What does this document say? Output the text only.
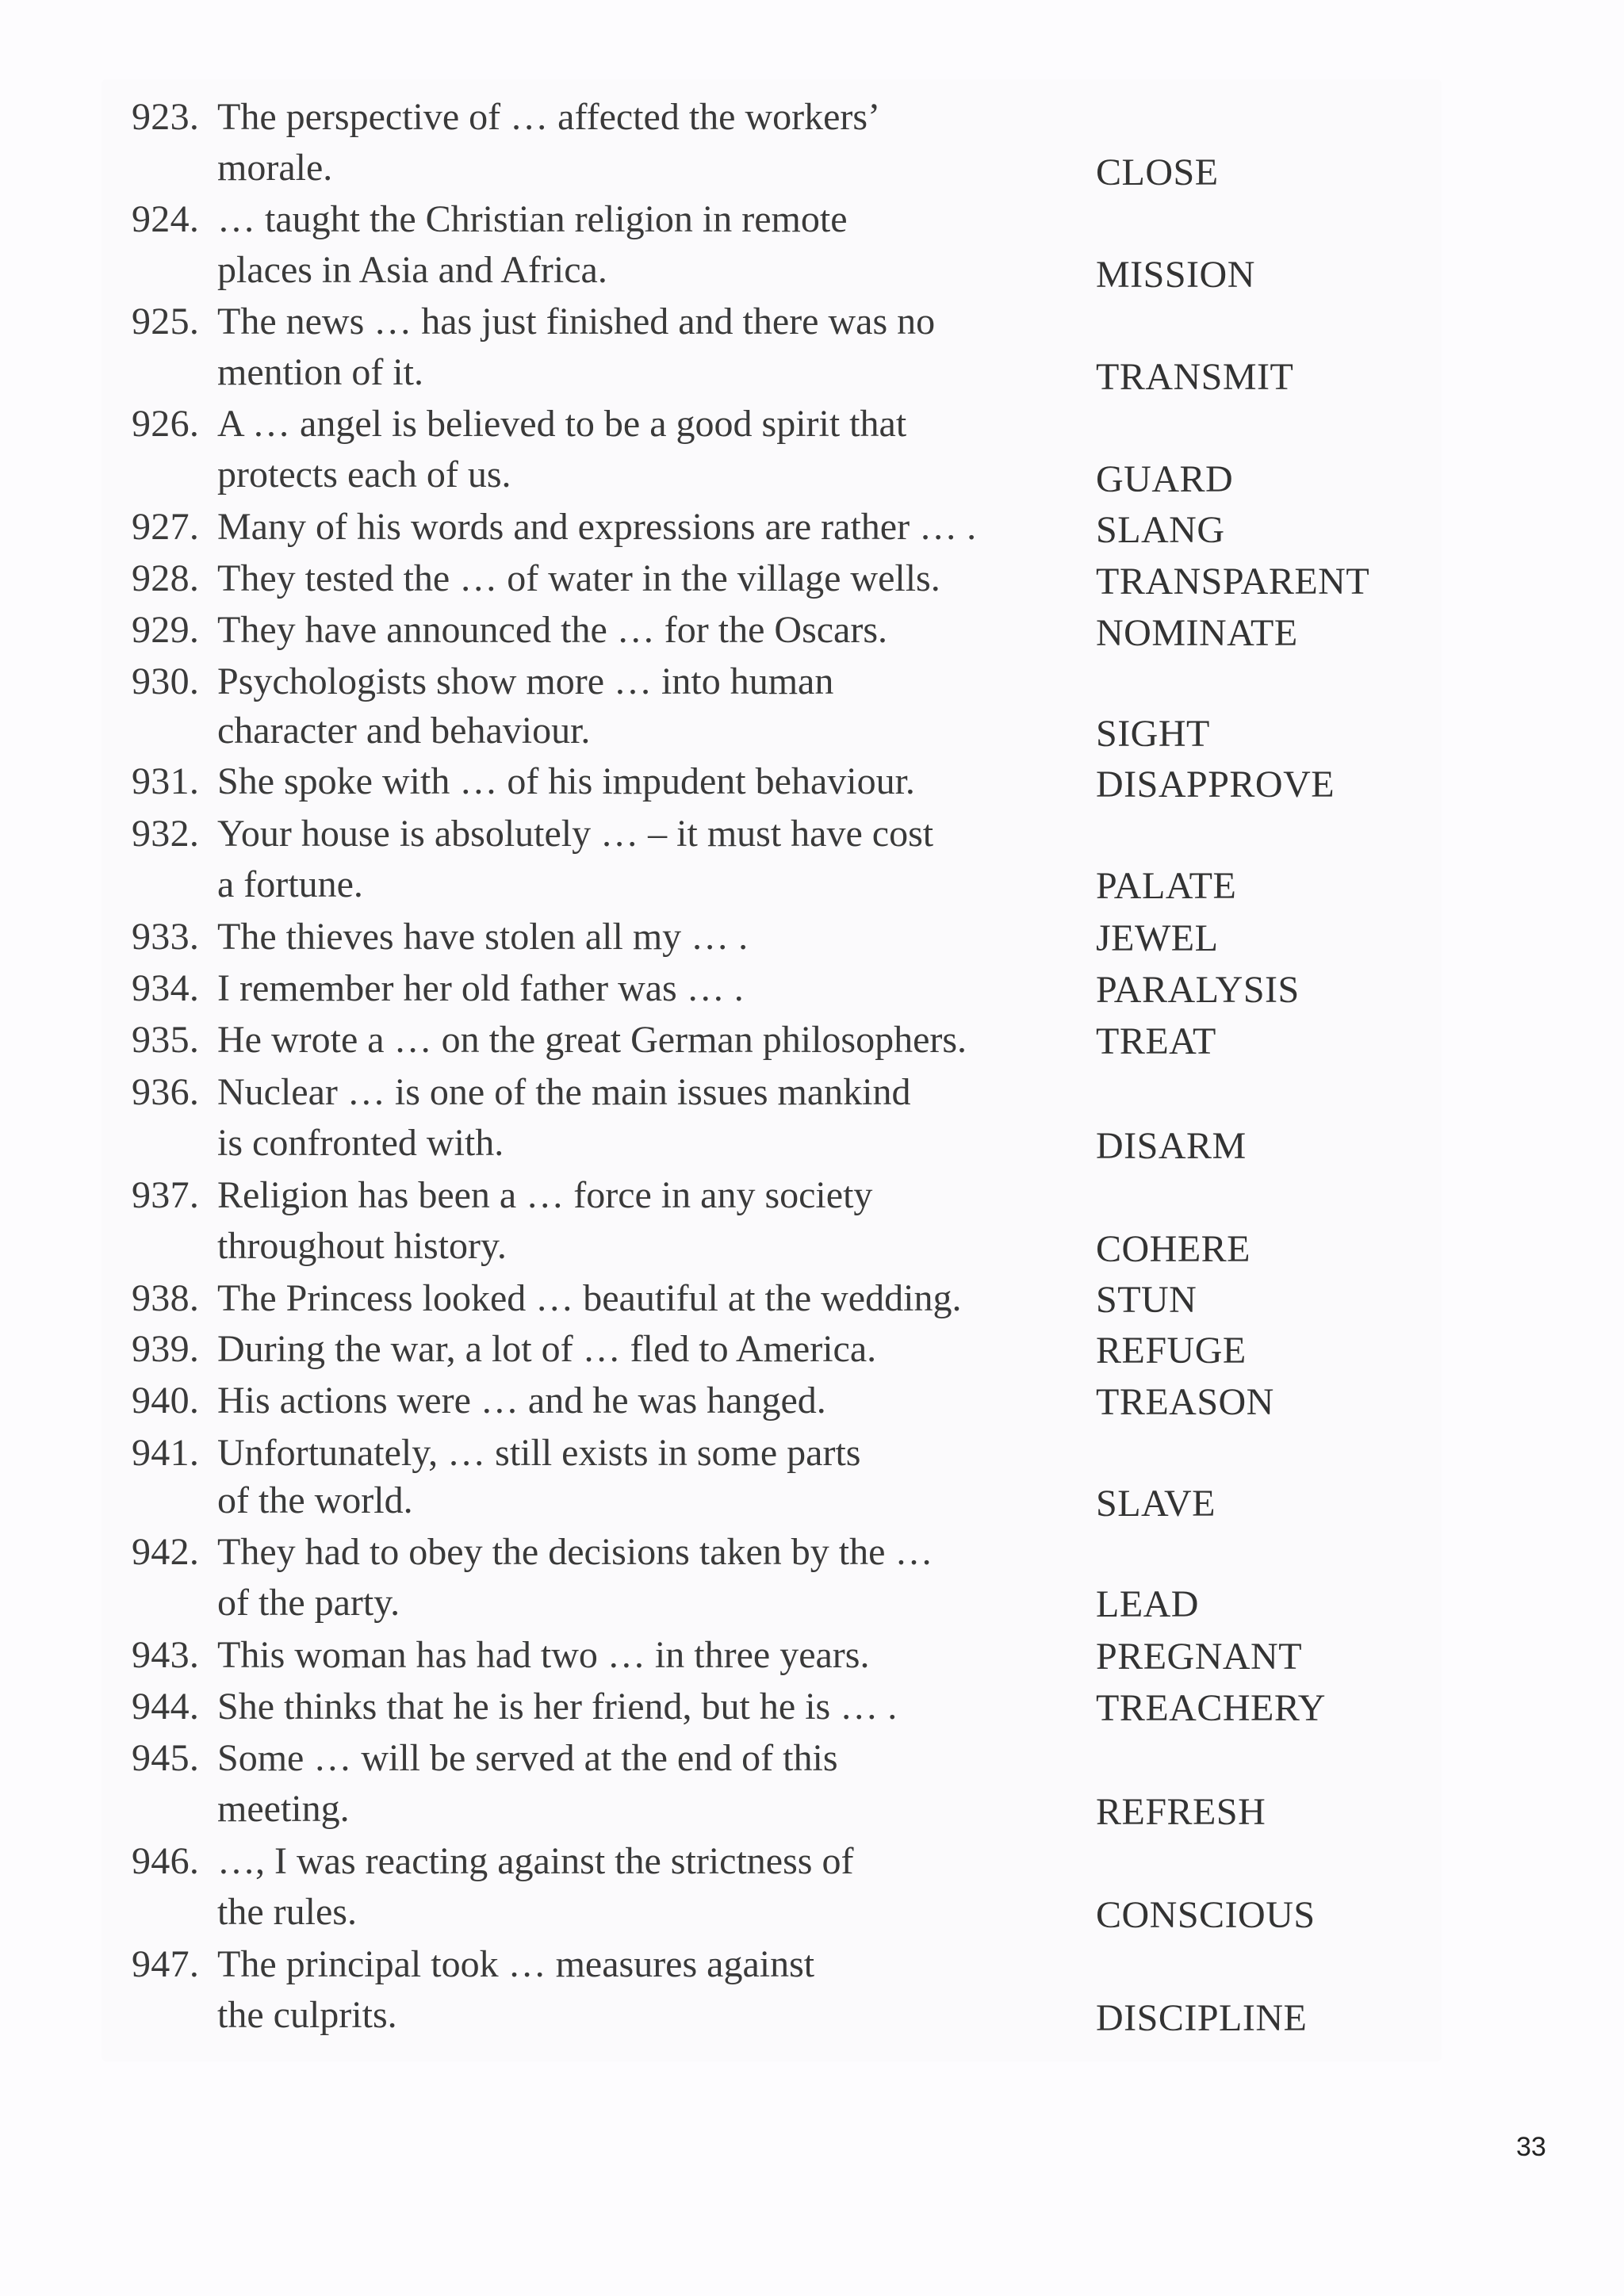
923. The perspective of … affected the workers’
morale.	CLOSE
924. … taught the Christian religion in remote
places in Asia and Africa.	MISSION
925. The news … has just finished and there was no
mention of it.	TRANSMIT
926. A … angel is believed to be a good spirit that
protects each of us.	GUARD
927. Many of his words and expressions are rather … .	SLANG
928. They tested the … of water in the village wells.	TRANSPARENT
929. They have announced the … for the Oscars.	NOMINATE
930. Psychologists show more … into human
character and behaviour.	SIGHT
931. She spoke with … of his impudent behaviour.	DISAPPROVE
932. Your house is absolutely … – it must have cost
a fortune.	PALATE
933. The thieves have stolen all my … .	JEWEL
934. I remember her old father was … .	PARALYSIS
935. He wrote a … on the great German philosophers.	TREAT
936. Nuclear … is one of the main issues mankind
is confronted with.	DISARM
937. Religion has been a … force in any society
throughout history.	COHERE
938. The Princess looked … beautiful at the wedding.	STUN
939. During the war, a lot of … fled to America.	REFUGE
940. His actions were … and he was hanged.	TREASON
941. Unfortunately, … still exists in some parts
of the world.	SLAVE
942. They had to obey the decisions taken by the …
of the party.	LEAD
943. This woman has had two … in three years.	PREGNANT
944. She thinks that he is her friend, but he is … .	TREACHERY
945. Some … will be served at the end of this
meeting.	REFRESH
946. …, I was reacting against the strictness of
the rules.	CONSCIOUS
947. The principal took … measures against
the culprits.	DISCIPLINE
33
